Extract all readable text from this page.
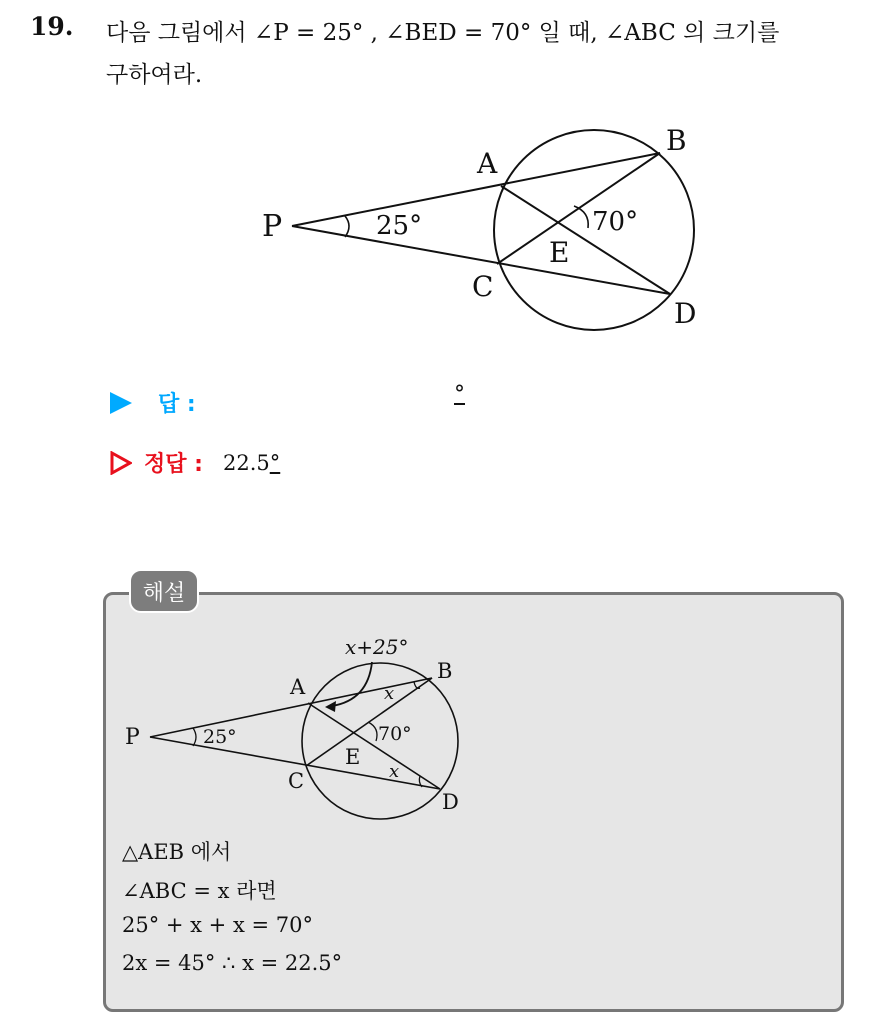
19. 다음 그림에서 ∠P = 25° , ∠BED = 70° 일 때, ∠ABC 의 크기를
구하여라.
A
B
C
D
E
P	25°	70°
답 :	°
정답 : 22.5 °
해설
x+25°
A
B
C
D
E
P	25°	70°
x
x
△AEB 에서
∠ABC = x 라면
25° + x + x = 70°
2x = 45° ∴ x = 22.5°
